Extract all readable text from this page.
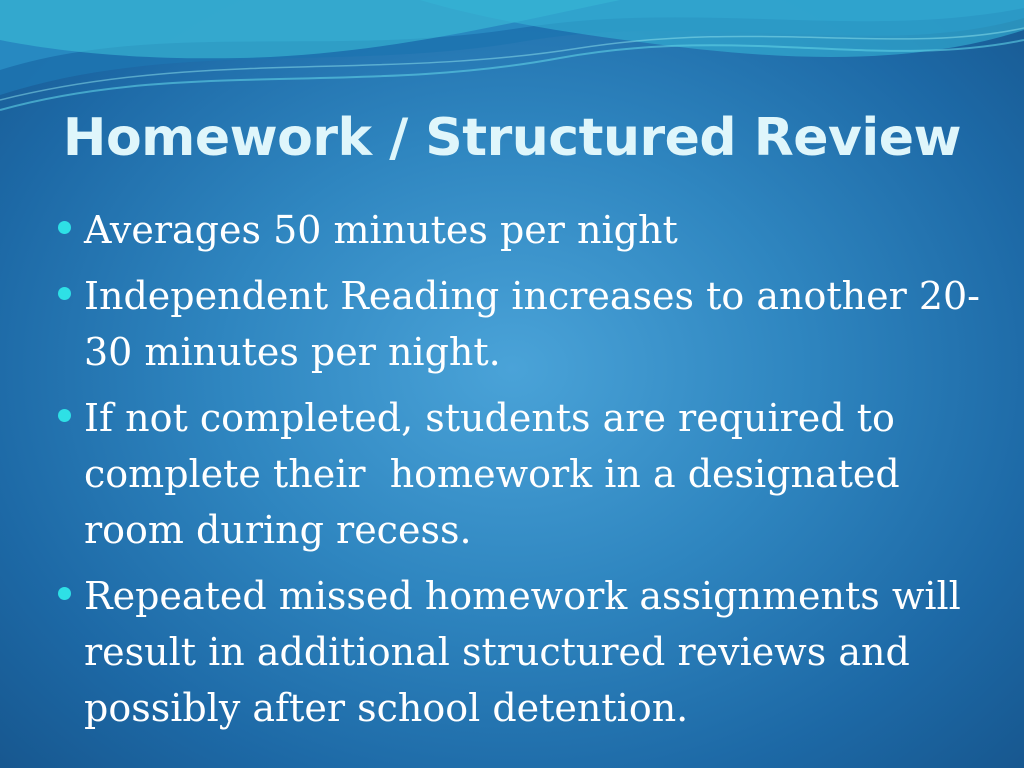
Homework / Structured Review
Averages 50 minutes per night
Independent Reading increases to another 20-30 minutes per night.
If not completed, students are required to complete their  homework in a designated room during recess.
Repeated missed homework assignments will result in additional structured reviews and possibly after school detention.
